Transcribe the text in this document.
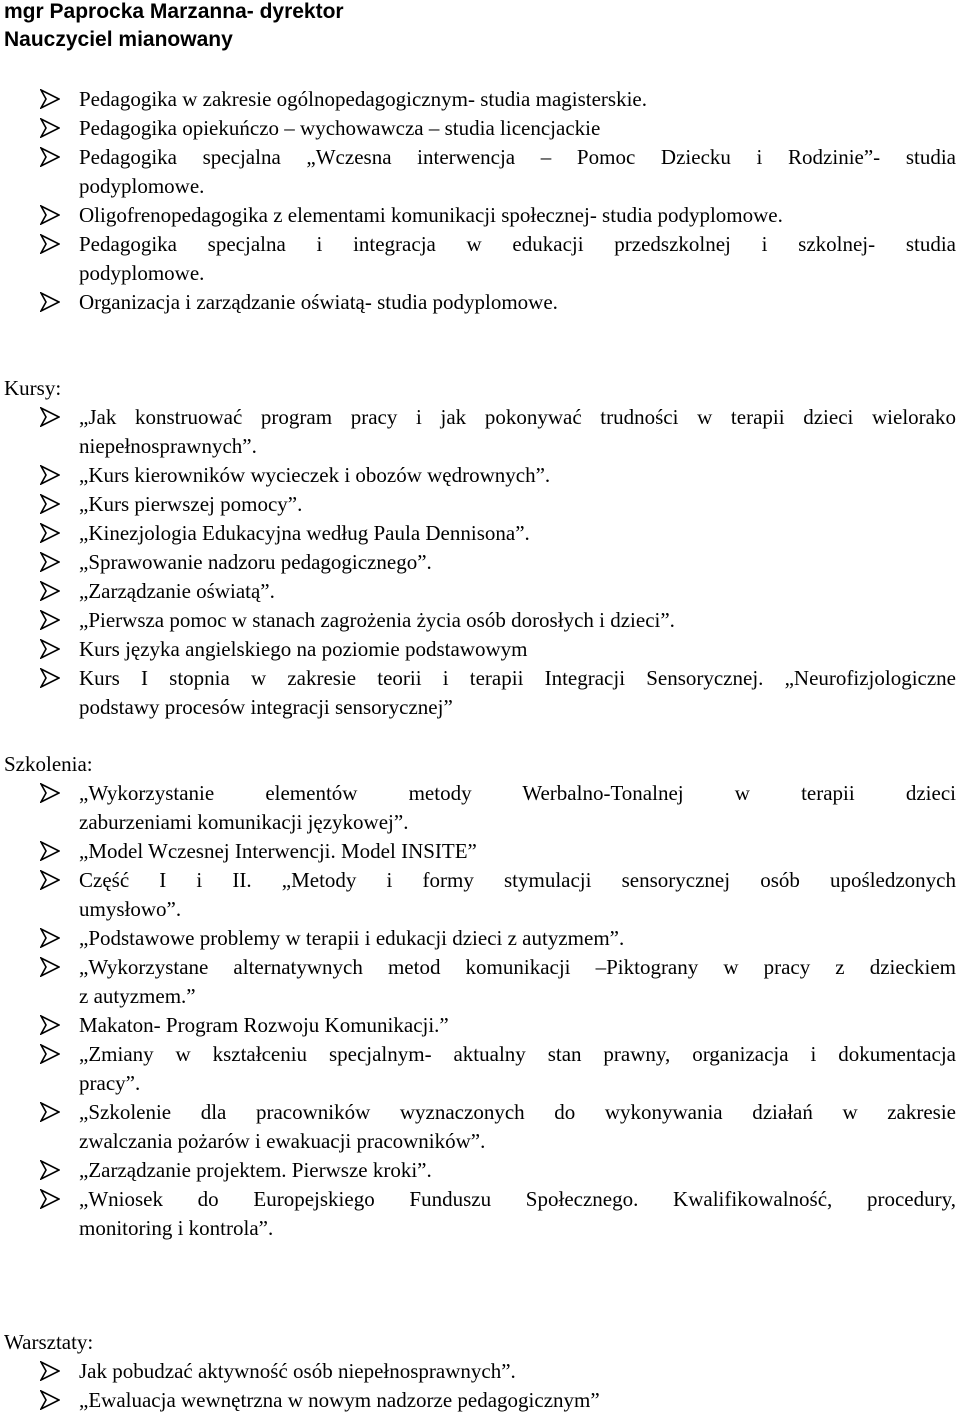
mgr Paprocka Marzanna- dyrektor
Nauczyciel mianowany
Pedagogika w zakresie ogólnopedagogicznym- studia magisterskie.
Pedagogika opiekuńczo – wychowawcza – studia licencjackie
Pedagogika specjalna „Wczesna interwencja – Pomoc Dziecku i Rodzinie”- studia
podyplomowe.
Oligofrenopedagogika z elementami komunikacji społecznej- studia podyplomowe.
Pedagogika specjalna i integracja w edukacji przedszkolnej i szkolnej- studia
podyplomowe.
Organizacja i zarządzanie oświatą- studia podyplomowe.
Kursy:
„Jak konstruować program pracy i jak pokonywać trudności w terapii dzieci wielorako
niepełnosprawnych”.
„Kurs kierowników wycieczek i obozów wędrownych”.
„Kurs pierwszej pomocy”.
„Kinezjologia Edukacyjna według Paula Dennisona”.
„Sprawowanie nadzoru pedagogicznego”.
„Zarządzanie oświatą”.
„Pierwsza pomoc w stanach zagrożenia życia osób dorosłych i dzieci”.
Kurs języka angielskiego na poziomie podstawowym
Kurs I stopnia w zakresie teorii i terapii Integracji Sensorycznej. „Neurofizjologiczne
podstawy procesów integracji sensorycznej”
Szkolenia:
„Wykorzystanie elementów metody Werbalno-Tonalnej w terapii dzieci
zaburzeniami komunikacji językowej”.
„Model Wczesnej Interwencji. Model INSITE”
Część I i II. „Metody i formy stymulacji sensorycznej osób upośledzonych
umysłowo”.
„Podstawowe problemy w terapii i edukacji dzieci z autyzmem”.
„Wykorzystane alternatywnych metod komunikacji –Piktograny w pracy z dzieckiem
z autyzmem.”
Makaton- Program Rozwoju Komunikacji.”
„Zmiany w kształceniu specjalnym- aktualny stan prawny, organizacja i dokumentacja
pracy”.
„Szkolenie dla pracowników wyznaczonych do wykonywania działań w zakresie
zwalczania pożarów i ewakuacji pracowników”.
„Zarządzanie projektem. Pierwsze kroki”.
„Wniosek do Europejskiego Funduszu Społecznego. Kwalifikowalność, procedury,
monitoring i kontrola”.
Warsztaty:
Jak pobudzać aktywność osób niepełnosprawnych”.
„Ewaluacja wewnętrzna w nowym nadzorze pedagogicznym”
